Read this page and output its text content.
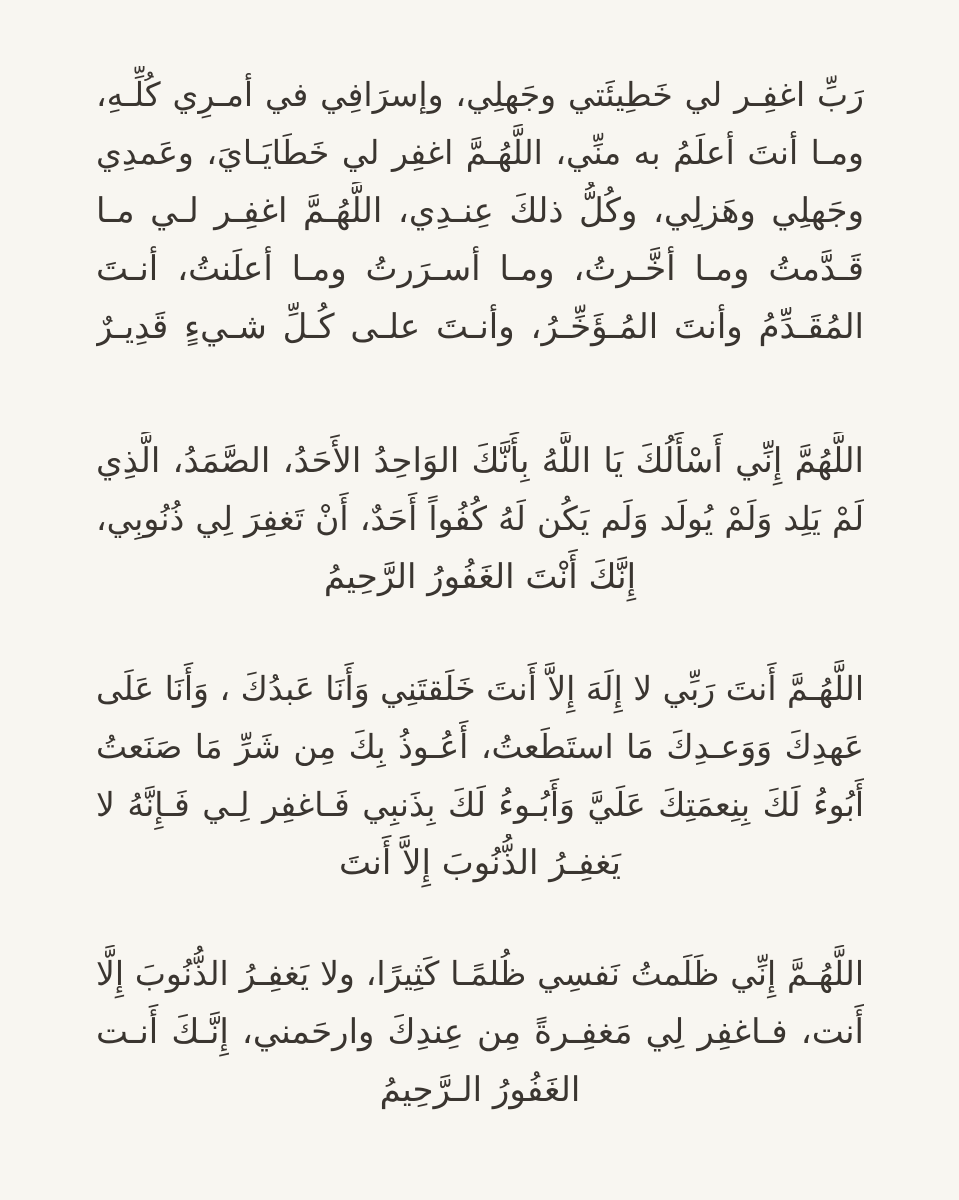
رَبِّ اغفِـر لي خَطِيئَتي وجَهلِي، وإسرَافِي في أمـرِي كُلِّـهِ،
ومـا أنتَ أعلَمُ به منِّي، اللَّهُـمَّ اغفِر لي خَطَايَـايَ، وعَمدِي
وجَهلِي وهَزلِي، وكُلُّ ذلكَ عِنـدِي، اللَّهُـمَّ اغفِـر لـي مـا
قَـدَّمتُ ومـا أخَّـرتُ، ومـا أسـرَرتُ ومـا أعلَنتُ، أنـتَ
المُقَـدِّمُ وأنتَ المُـؤَخِّـرُ، وأنـتَ علـى كُـلِّ شـيءٍ قَدِيـرٌ
اللَّهُمَّ إِنِّي أَسْأَلُكَ يَا اللَّهُ بِأَنَّكَ الوَاحِدُ الأَحَدُ، الصَّمَدُ، الَّذِي
لَمْ يَلِد وَلَمْ يُولَد وَلَم يَكُن لَهُ كُفُواً أَحَدٌ، أَنْ تَغفِرَ لِي ذُنُوبِي،
إِنَّكَ أَنْتَ الغَفُورُ الرَّحِيمُ
اللَّهُـمَّ أَنتَ رَبِّي لا إِلَهَ إِلاَّ أَنتَ خَلَقتَنِي وَأَنَا عَبدُكَ ، وَأَنَا عَلَى
عَهدِكَ وَوَعـدِكَ مَا استَطَعتُ، أَعُـوذُ بِكَ مِن شَرِّ مَا صَنَعتُ
أَبُوءُ لَكَ بِنِعمَتِكَ عَلَيَّ وَأَبُـوءُ لَكَ بِذَنبِي فَـاغفِر لِـي فَـإِنَّهُ لا
يَغفِـرُ الذُّنُوبَ إِلاَّ أَنتَ
اللَّهُـمَّ إِنِّي ظَلَمتُ نَفسِي ظُلمًـا كَثِيرًا، ولا يَغفِـرُ الذُّنُوبَ إِلَّا
أَنت، فـاغفِر لِي مَغفِـرةً مِن عِندِكَ وارحَمني، إِنَّـكَ أَنـت
الغَفُورُ الـرَّحِيمُ
